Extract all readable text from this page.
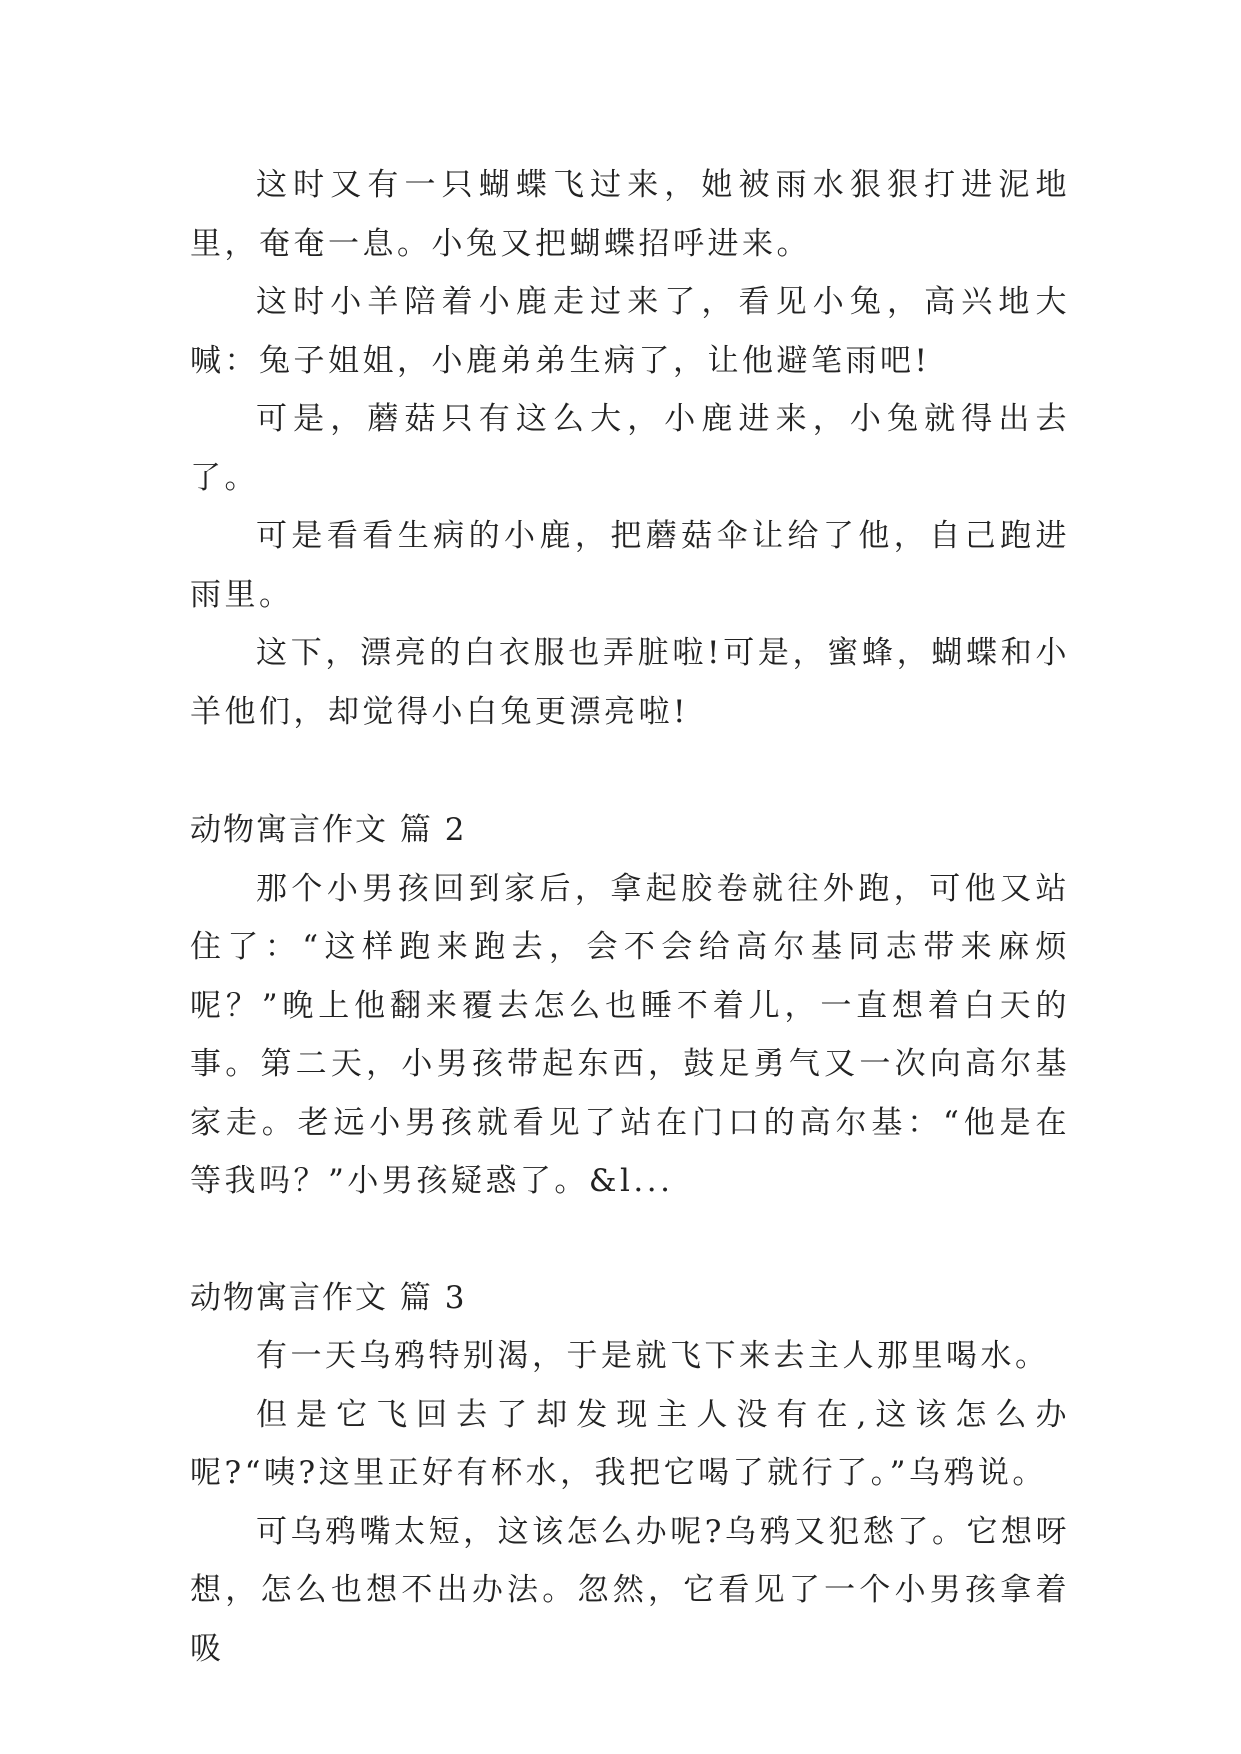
这时又有一只蝴蝶飞过来，她被雨水狠狠打进泥地里，奄奄一息。小兔又把蝴蝶招呼进来。

这时小羊陪着小鹿走过来了，看见小兔，高兴地大喊：兔子姐姐，小鹿弟弟生病了，让他避笔雨吧!

可是，蘑菇只有这么大，小鹿进来，小兔就得出去了。

可是看看生病的小鹿，把蘑菇伞让给了他，自己跑进雨里。

这下，漂亮的白衣服也弄脏啦!可是，蜜蜂，蝴蝶和小羊他们，却觉得小白兔更漂亮啦!

动物寓言作文 篇 2

那个小男孩回到家后，拿起胶卷就往外跑，可他又站住了：“这样跑来跑去，会不会给高尔基同志带来麻烦呢？”晚上他翻来覆去怎么也睡不着儿，一直想着白天的事。第二天，小男孩带起东西，鼓足勇气又一次向高尔基家走。老远小男孩就看见了站在门口的高尔基：“他是在等我吗？”小男孩疑惑了。&l...

动物寓言作文 篇 3

有一天乌鸦特别渴，于是就飞下来去主人那里喝水。

但是它飞回去了却发现主人没有在,这该怎么办呢?“咦?这里正好有杯水，我把它喝了就行了。”乌鸦说。

可乌鸦嘴太短，这该怎么办呢?乌鸦又犯愁了。它想呀想，怎么也想不出办法。忽然，它看见了一个小男孩拿着吸
